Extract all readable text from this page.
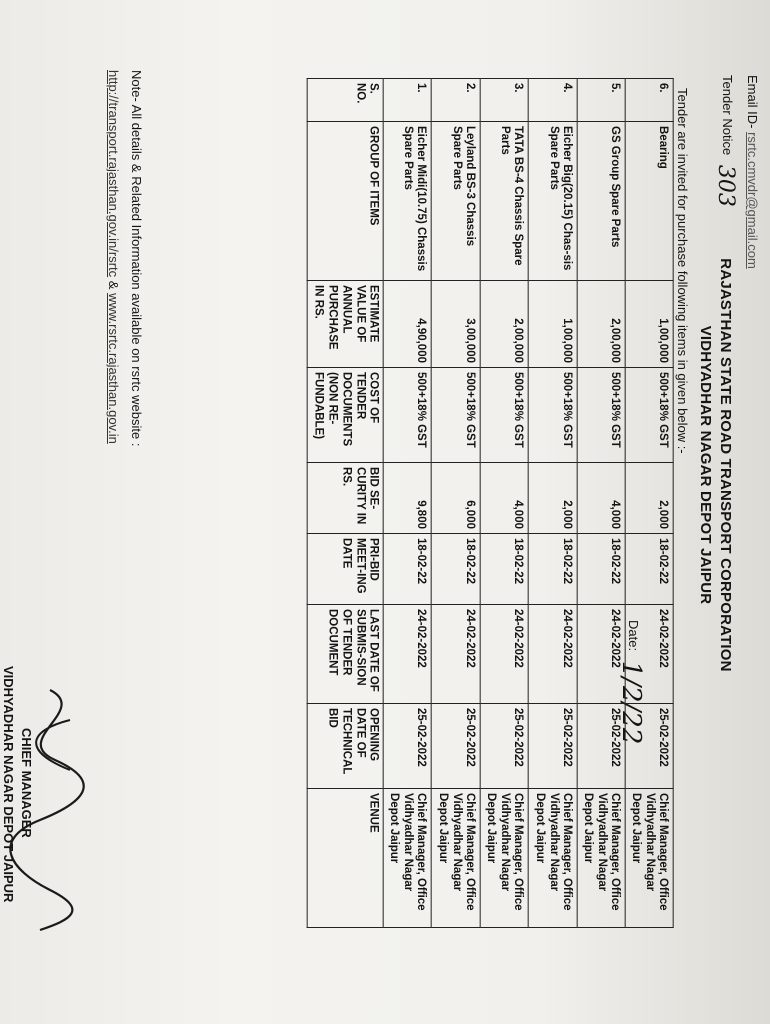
RAJASTHAN STATE ROAD TRANSPORT CORPORATION
VIDHYADHAR NAGAR DEPOT JAIPUR
Tender Notice 303
Email ID- rsrtc.cmvdr@gmail.com
Date: 1/2/22
Tender are invited for purchase following items in given below :-
S. NO.	GROUP OF ITEMS	ESTIMATE VALUE OF ANNUAL PURCHASE IN RS.	COST OF TENDER DOCUMENTS (NON RE-FUNDABLE)	BID SE-CURITY IN RS.	PRI-BID MEET-ING DATE	LAST DATE OF SUBMIS-SION OF TENDER DOCUMENT	OPENING DATE OF TECHNICAL BID	VENUE
1.	Eicher Midi(10.75) Chassis Spare Parts	4,90,000	500+18% GST	9,800	18-02-22	24-02-2022	25-02-2022	Chief Manager, Office Vidhyadhar Nagar Depot Jaipur
2.	Leyland BS-3 Chassis Spare Parts	3,00,000	500+18% GST	6,000	18-02-22	24-02-2022	25-02-2022	Chief Manager, Office Vidhyadhar Nagar Depot Jaipur
3.	TATA BS-4 Chassis Spare Parts	2,00,000	500+18% GST	4,000	18-02-22	24-02-2022	25-02-2022	Chief Manager, Office Vidhyadhar Nagar Depot Jaipur
4.	Eicher Big(20.15) Chas-sis Spare Parts	1,00,000	500+18% GST	2,000	18-02-22	24-02-2022	25-02-2022	Chief Manager, Office Vidhyadhar Nagar Depot Jaipur
5.	GS Group Spare Parts	2,00,000	500+18% GST	4,000	18-02-22	24-02-2022	25-02-2022	Chief Manager, Office Vidhyadhar Nagar Depot Jaipur
6.	Bearing	1,00,000	500+18% GST	2,000	18-02-22	24-02-2022	25-02-2022	Chief Manager, Office Vidhyadhar Nagar Depot Jaipur
Note- All details & Related Information available on rsrtc website :
http://transport.rajasthan.gov.in/rsrtc & www.rsrtc.rajasthan.gov.in
CHIEF MANAGER
VIDHYADHAR NAGAR DEPOT JAIPUR
